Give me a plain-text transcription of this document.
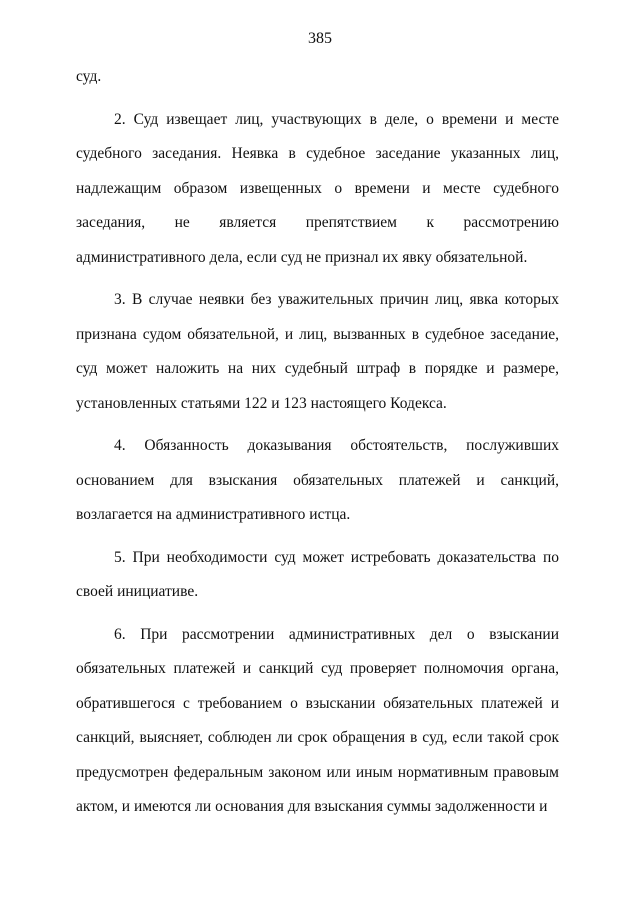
385

суд.

2. Суд извещает лиц, участвующих в деле, о времени и месте судебного заседания. Неявка в судебное заседание указанных лиц, надлежащим образом извещенных о времени и месте судебного заседания, не является препятствием к рассмотрению административного дела, если суд не признал их явку обязательной.

3. В случае неявки без уважительных причин лиц, явка которых признана судом обязательной, и лиц, вызванных в судебное заседание, суд может наложить на них судебный штраф в порядке и размере, установленных статьями 122 и 123 настоящего Кодекса.

4. Обязанность доказывания обстоятельств, послуживших основанием для взыскания обязательных платежей и санкций, возлагается на административного истца.

5. При необходимости суд может истребовать доказательства по своей инициативе.

6. При рассмотрении административных дел о взыскании обязательных платежей и санкций суд проверяет полномочия органа, обратившегося с требованием о взыскании обязательных платежей и санкций, выясняет, соблюден ли срок обращения в суд, если такой срок предусмотрен федеральным законом или иным нормативным правовым актом, и имеются ли основания для взыскания суммы задолженности и
